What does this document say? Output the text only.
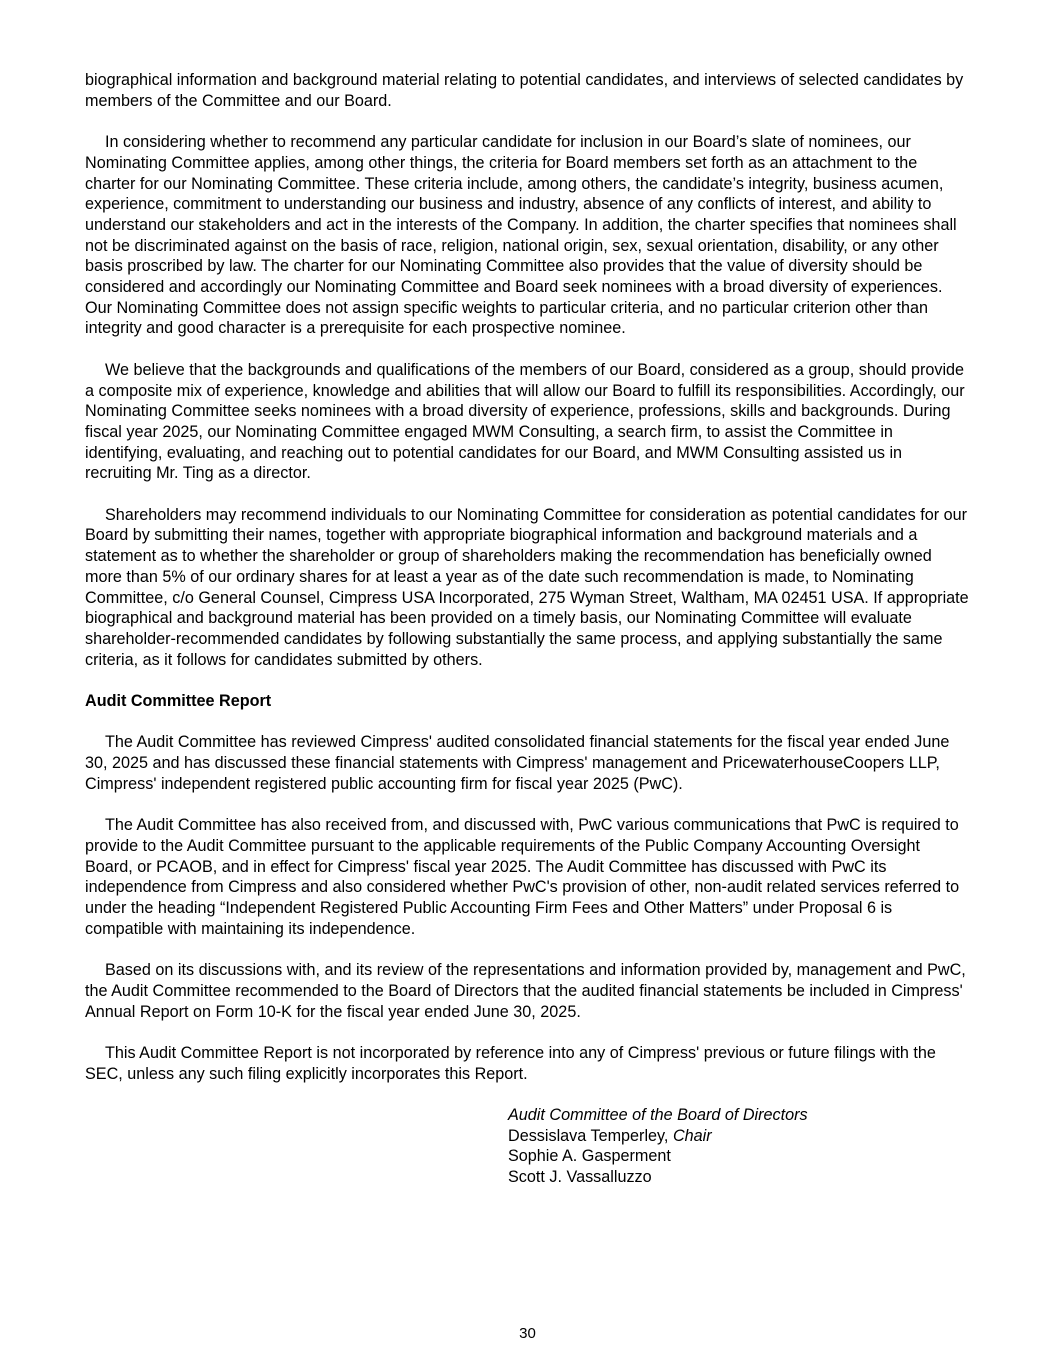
biographical information and background material relating to potential candidates, and interviews of selected candidates by members of the Committee and our Board.

In considering whether to recommend any particular candidate for inclusion in our Board’s slate of nominees, our Nominating Committee applies, among other things, the criteria for Board members set forth as an attachment to the charter for our Nominating Committee. These criteria include, among others, the candidate’s integrity, business acumen, experience, commitment to understanding our business and industry, absence of any conflicts of interest, and ability to understand our stakeholders and act in the interests of the Company. In addition, the charter specifies that nominees shall not be discriminated against on the basis of race, religion, national origin, sex, sexual orientation, disability, or any other basis proscribed by law. The charter for our Nominating Committee also provides that the value of diversity should be considered and accordingly our Nominating Committee and Board seek nominees with a broad diversity of experiences. Our Nominating Committee does not assign specific weights to particular criteria, and no particular criterion other than integrity and good character is a prerequisite for each prospective nominee.

We believe that the backgrounds and qualifications of the members of our Board, considered as a group, should provide a composite mix of experience, knowledge and abilities that will allow our Board to fulfill its responsibilities. Accordingly, our Nominating Committee seeks nominees with a broad diversity of experience, professions, skills and backgrounds. During fiscal year 2025, our Nominating Committee engaged MWM Consulting, a search firm, to assist the Committee in identifying, evaluating, and reaching out to potential candidates for our Board, and MWM Consulting assisted us in recruiting Mr. Ting as a director.

Shareholders may recommend individuals to our Nominating Committee for consideration as potential candidates for our Board by submitting their names, together with appropriate biographical information and background materials and a statement as to whether the shareholder or group of shareholders making the recommendation has beneficially owned more than 5% of our ordinary shares for at least a year as of the date such recommendation is made, to Nominating Committee, c/o General Counsel, Cimpress USA Incorporated, 275 Wyman Street, Waltham, MA 02451 USA. If appropriate biographical and background material has been provided on a timely basis, our Nominating Committee will evaluate shareholder-recommended candidates by following substantially the same process, and applying substantially the same criteria, as it follows for candidates submitted by others.

Audit Committee Report

The Audit Committee has reviewed Cimpress' audited consolidated financial statements for the fiscal year ended June 30, 2025 and has discussed these financial statements with Cimpress' management and PricewaterhouseCoopers LLP, Cimpress' independent registered public accounting firm for fiscal year 2025 (PwC).

The Audit Committee has also received from, and discussed with, PwC various communications that PwC is required to provide to the Audit Committee pursuant to the applicable requirements of the Public Company Accounting Oversight Board, or PCAOB, and in effect for Cimpress' fiscal year 2025. The Audit Committee has discussed with PwC its independence from Cimpress and also considered whether PwC's provision of other, non-audit related services referred to under the heading “Independent Registered Public Accounting Firm Fees and Other Matters” under Proposal 6 is compatible with maintaining its independence.

Based on its discussions with, and its review of the representations and information provided by, management and PwC, the Audit Committee recommended to the Board of Directors that the audited financial statements be included in Cimpress' Annual Report on Form 10-K for the fiscal year ended June 30, 2025.

This Audit Committee Report is not incorporated by reference into any of Cimpress' previous or future filings with the SEC, unless any such filing explicitly incorporates this Report.

Audit Committee of the Board of Directors
Dessislava Temperley, Chair
Sophie A. Gasperment
Scott J. Vassalluzzo
30
